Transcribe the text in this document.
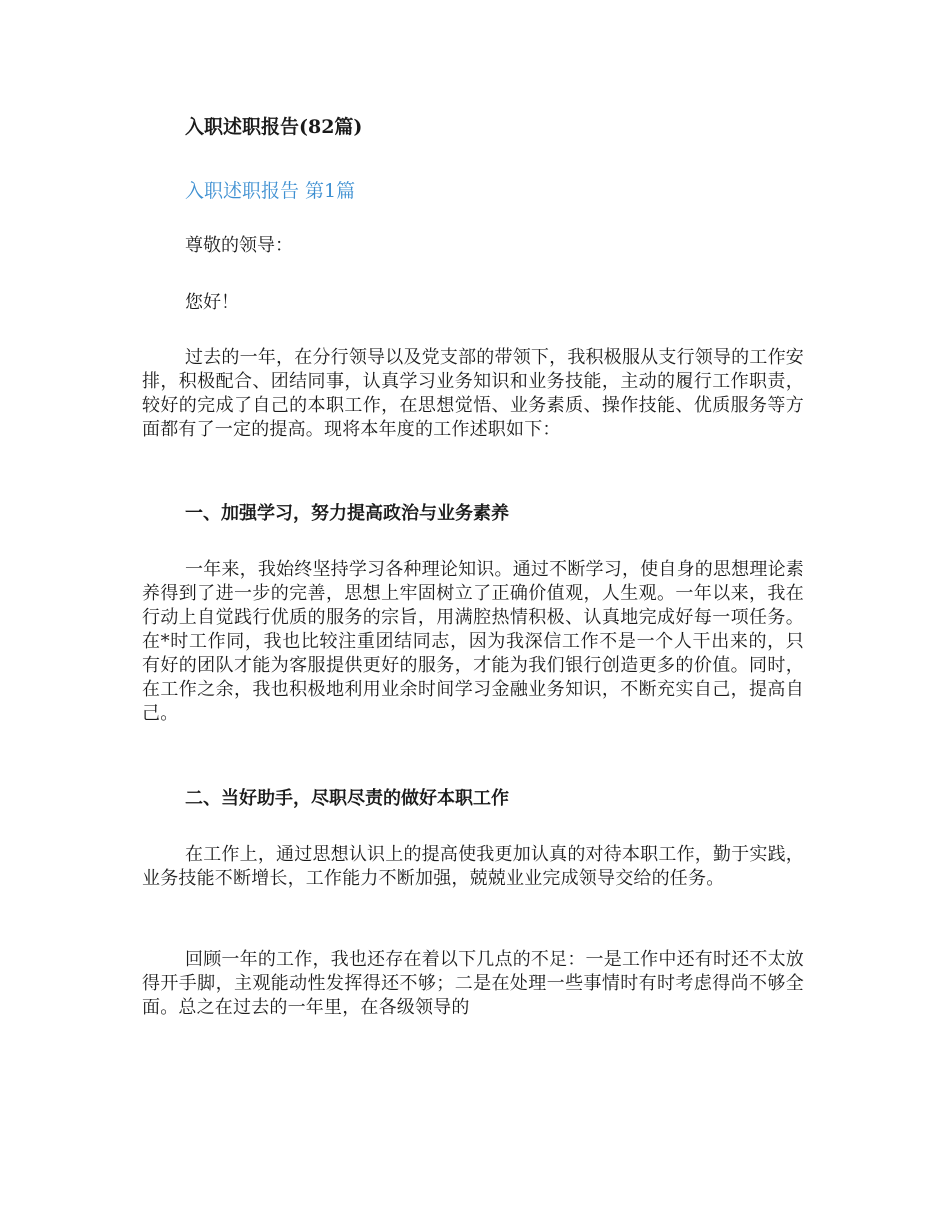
入职述职报告(82篇)
入职述职报告 第1篇
尊敬的领导：
您好！
过去的一年，在分行领导以及党支部的带领下，我积极服从支行领导的工作安排，积极配合、团结同事，认真学习业务知识和业务技能，主动的履行工作职责，较好的完成了自己的本职工作，在思想觉悟、业务素质、操作技能、优质服务等方面都有了一定的提高。现将本年度的工作述职如下：
一、加强学习，努力提高政治与业务素养
一年来，我始终坚持学习各种理论知识。通过不断学习，使自身的思想理论素养得到了进一步的完善，思想上牢固树立了正确价值观，人生观。一年以来，我在行动上自觉践行优质的服务的宗旨，用满腔热情积极、认真地完成好每一项任务。在*时工作同，我也比较注重团结同志，因为我深信工作不是一个人干出来的，只有好的团队才能为客服提供更好的服务，才能为我们银行创造更多的价值。同时，在工作之余，我也积极地利用业余时间学习金融业务知识，不断充实自己，提高自己。
二、当好助手，尽职尽责的做好本职工作
在工作上，通过思想认识上的提高使我更加认真的对待本职工作，勤于实践，业务技能不断增长，工作能力不断加强，兢兢业业完成领导交给的任务。
回顾一年的工作，我也还存在着以下几点的不足：一是工作中还有时还不太放得开手脚，主观能动性发挥得还不够；二是在处理一些事情时有时考虑得尚不够全面。总之在过去的一年里，在各级领导的
